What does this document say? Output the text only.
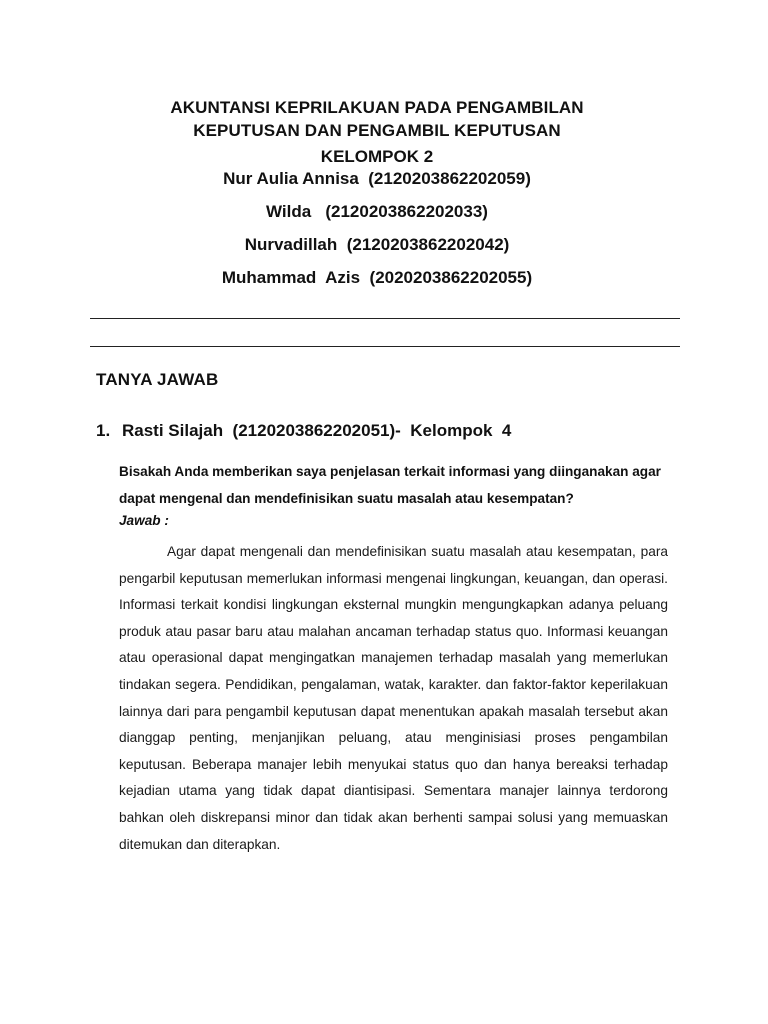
AKUNTANSI KEPRILAKUAN PADA PENGAMBILAN
KEPUTUSAN DAN PENGAMBIL KEPUTUSAN
KELOMPOK 2
Nur Aulia Annisa  (2120203862202059)
Wilda   (2120203862202033)
Nurvadillah  (2120203862202042)
Muhammad  Azis  (2020203862202055)
TANYA JAWAB
1. Rasti Silajah  (2120203862202051)-  Kelompok  4
Bisakah Anda memberikan saya penjelasan terkait informasi yang diinganakan agar dapat mengenal dan mendefinisikan suatu masalah atau kesempatan?
Jawab :
Agar dapat mengenali dan mendefinisikan suatu masalah atau kesempatan, para pengarbil keputusan memerlukan informasi mengenai lingkungan, keuangan, dan operasi. Informasi terkait kondisi lingkungan eksternal mungkin mengungkapkan adanya peluang produk atau pasar baru atau malahan ancaman terhadap status quo. Informasi keuangan atau operasional dapat mengingatkan manajemen terhadap masalah yang memerlukan tindakan segera. Pendidikan, pengalaman, watak, karakter. dan faktor-faktor keperilakuan lainnya dari para pengambil keputusan dapat menentukan apakah masalah tersebut akan dianggap penting, menjanjikan peluang, atau menginisiasi proses pengambilan keputusan. Beberapa manajer lebih menyukai status quo dan hanya bereaksi terhadap kejadian utama yang tidak dapat diantisipasi. Sementara manajer lainnya terdorong bahkan oleh diskrepansi minor dan tidak akan berhenti sampai solusi yang memuaskan ditemukan dan diterapkan.
